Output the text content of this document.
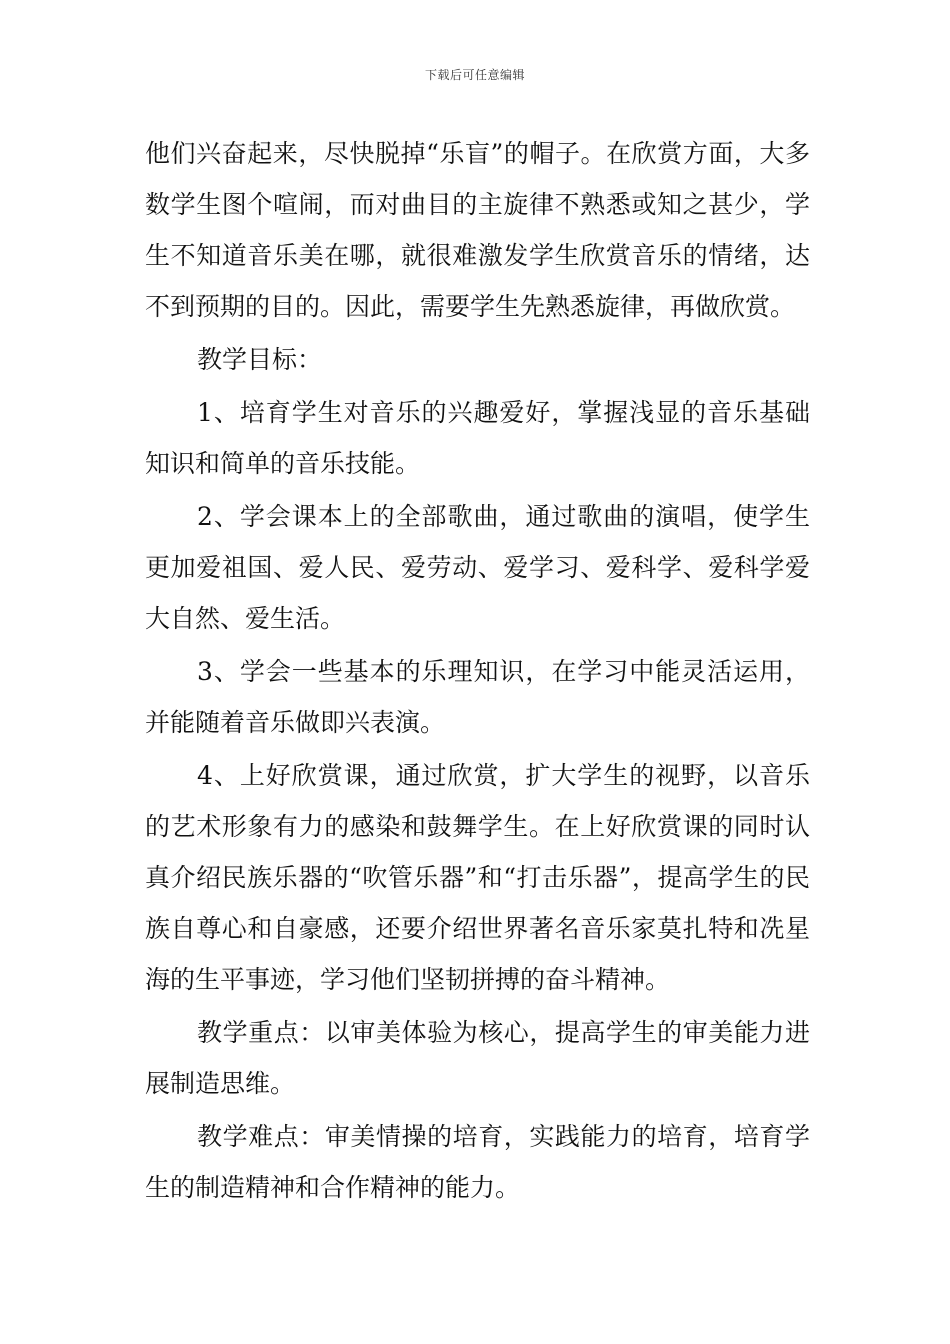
下载后可任意编辑

他们兴奋起来，尽快脱掉“乐盲”的帽子。在欣赏方面，大多数学生图个喧闹，而对曲目的主旋律不熟悉或知之甚少，学生不知道音乐美在哪，就很难激发学生欣赏音乐的情绪，达不到预期的目的。因此，需要学生先熟悉旋律，再做欣赏。

教学目标：

1、培育学生对音乐的兴趣爱好，掌握浅显的音乐基础知识和简单的音乐技能。

2、学会课本上的全部歌曲，通过歌曲的演唱，使学生更加爱祖国、爱人民、爱劳动、爱学习、爱科学、爱科学爱大自然、爱生活。

3、学会一些基本的乐理知识，在学习中能灵活运用，并能随着音乐做即兴表演。

4、上好欣赏课，通过欣赏，扩大学生的视野，以音乐的艺术形象有力的感染和鼓舞学生。在上好欣赏课的同时认真介绍民族乐器的“吹管乐器”和“打击乐器”，提高学生的民族自尊心和自豪感，还要介绍世界著名音乐家莫扎特和冼星海的生平事迹，学习他们坚韧拼搏的奋斗精神。

教学重点：以审美体验为核心，提高学生的审美能力进展制造思维。

教学难点：审美情操的培育，实践能力的培育，培育学生的制造精神和合作精神的能力。
